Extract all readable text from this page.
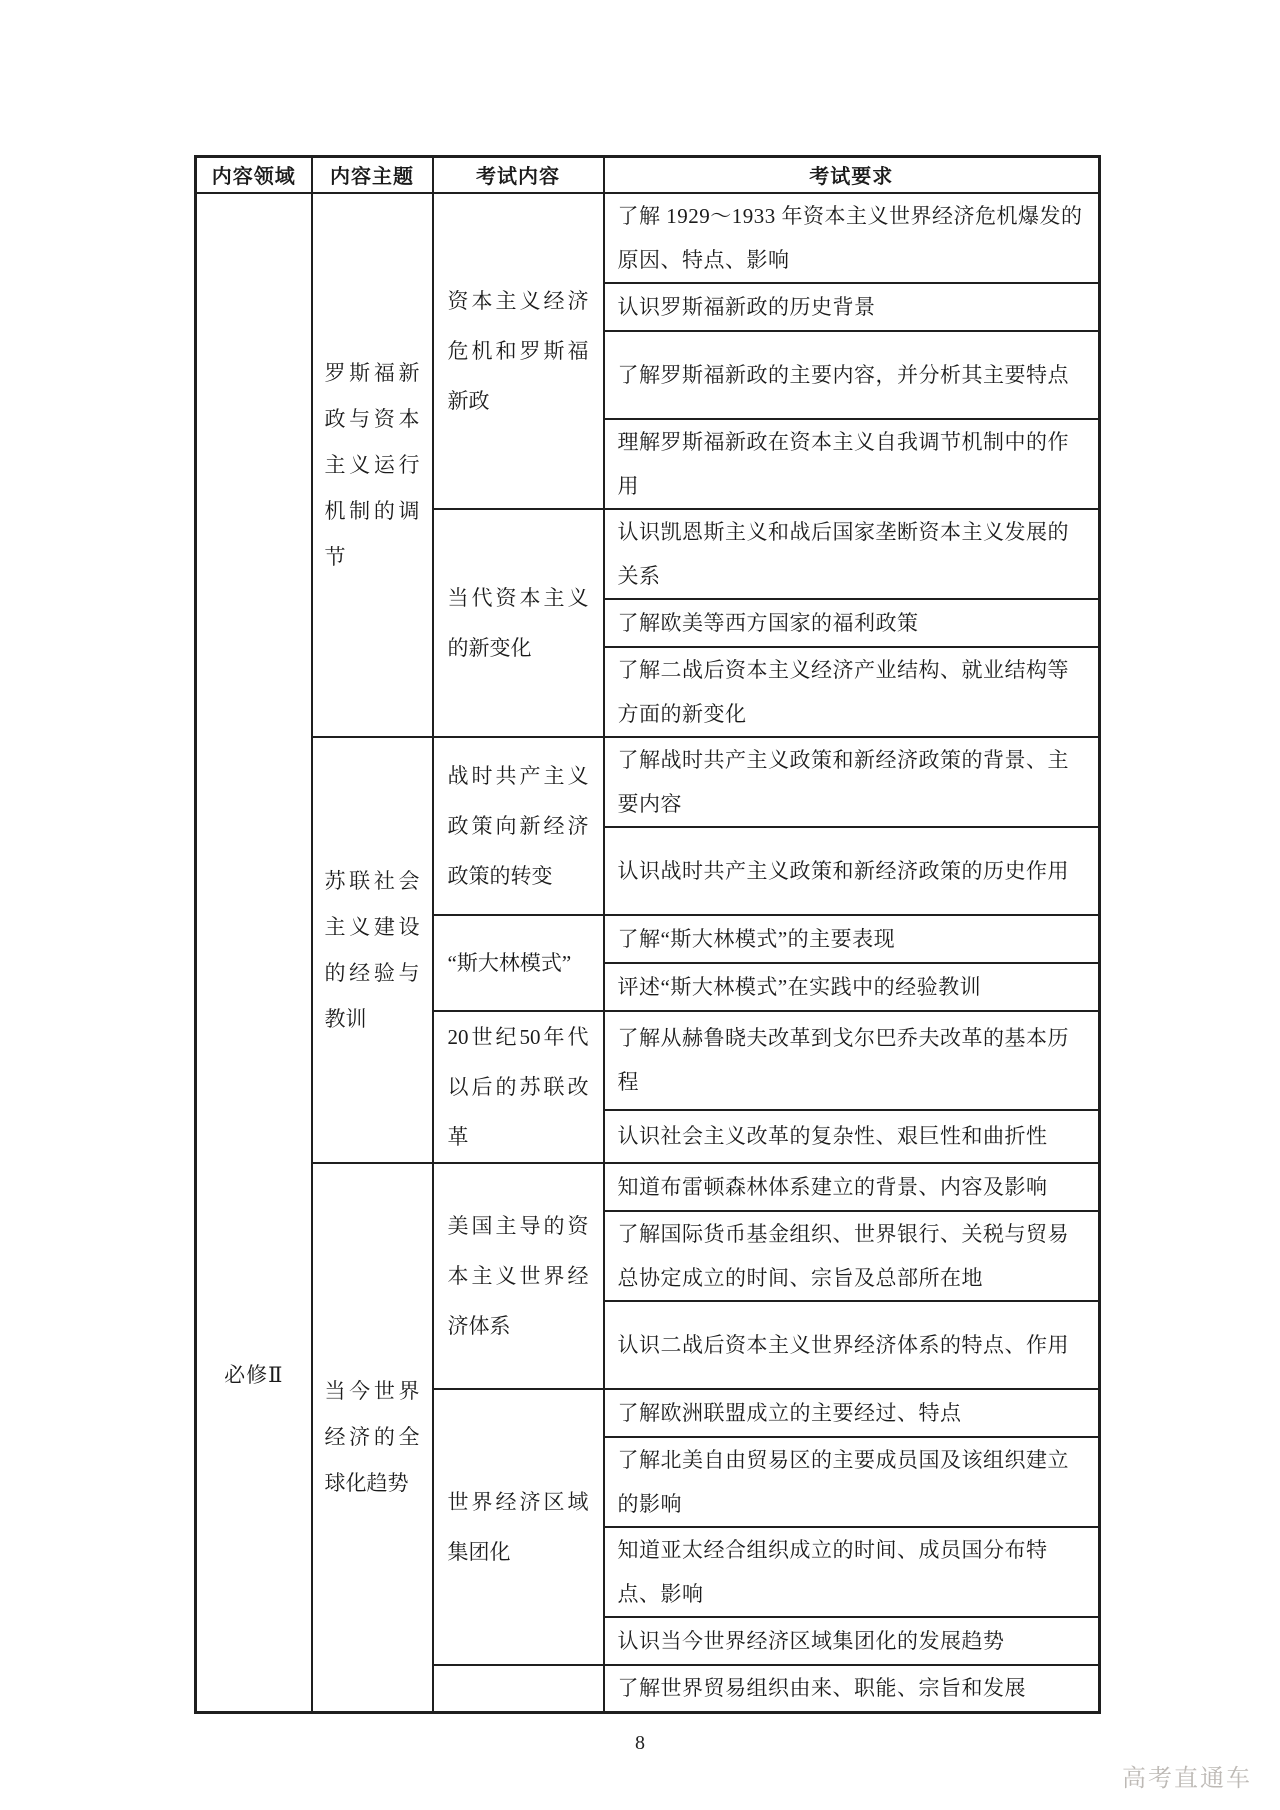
内容领域	内容主题	考试内容	考试要求
必修Ⅱ	罗斯福新政与资本主义运行机制的调节	资本主义经济危机和罗斯福新政	了解 1929～1933 年资本主义世界经济危机爆发的原因、特点、影响
			认识罗斯福新政的历史背景
			了解罗斯福新政的主要内容，并分析其主要特点
			理解罗斯福新政在资本主义自我调节机制中的作用
		当代资本主义的新变化	认识凯恩斯主义和战后国家垄断资本主义发展的关系
			了解欧美等西方国家的福利政策
			了解二战后资本主义经济产业结构、就业结构等方面的新变化
	苏联社会主义建设的经验与教训	战时共产主义政策向新经济政策的转变	了解战时共产主义政策和新经济政策的背景、主要内容
			认识战时共产主义政策和新经济政策的历史作用
		“斯大林模式”	了解“斯大林模式”的主要表现
			评述“斯大林模式”在实践中的经验教训
		20世纪50年代以后的苏联改革	了解从赫鲁晓夫改革到戈尔巴乔夫改革的基本历程
			认识社会主义改革的复杂性、艰巨性和曲折性
	当今世界经济的全球化趋势	美国主导的资本主义世界经济体系	知道布雷顿森林体系建立的背景、内容及影响
			了解国际货币基金组织、世界银行、关税与贸易总协定成立的时间、宗旨及总部所在地
			认识二战后资本主义世界经济体系的特点、作用
		世界经济区域集团化	了解欧洲联盟成立的主要经过、特点
			了解北美自由贸易区的主要成员国及该组织建立的影响
			知道亚太经合组织成立的时间、成员国分布特点、影响
			认识当今世界经济区域集团化的发展趋势
			了解世界贸易组织由来、职能、宗旨和发展
8
高考直通车
